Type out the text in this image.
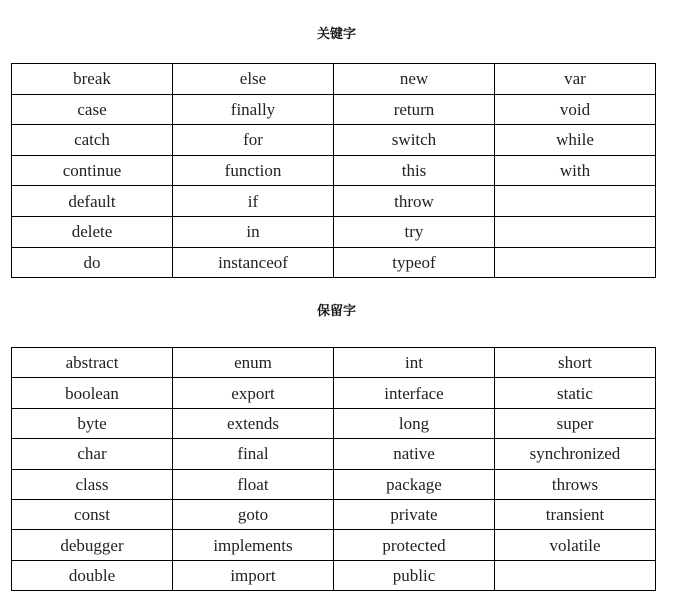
关键字
break	else	new	var
case	finally	return	void
catch	for	switch	while
continue	function	this	with
default	if	throw	
delete	in	try	
do	instanceof	typeof	
保留字
abstract	enum	int	short
boolean	export	interface	static
byte	extends	long	super
char	final	native	synchronized
class	float	package	throws
const	goto	private	transient
debugger	implements	protected	volatile
double	import	public	
